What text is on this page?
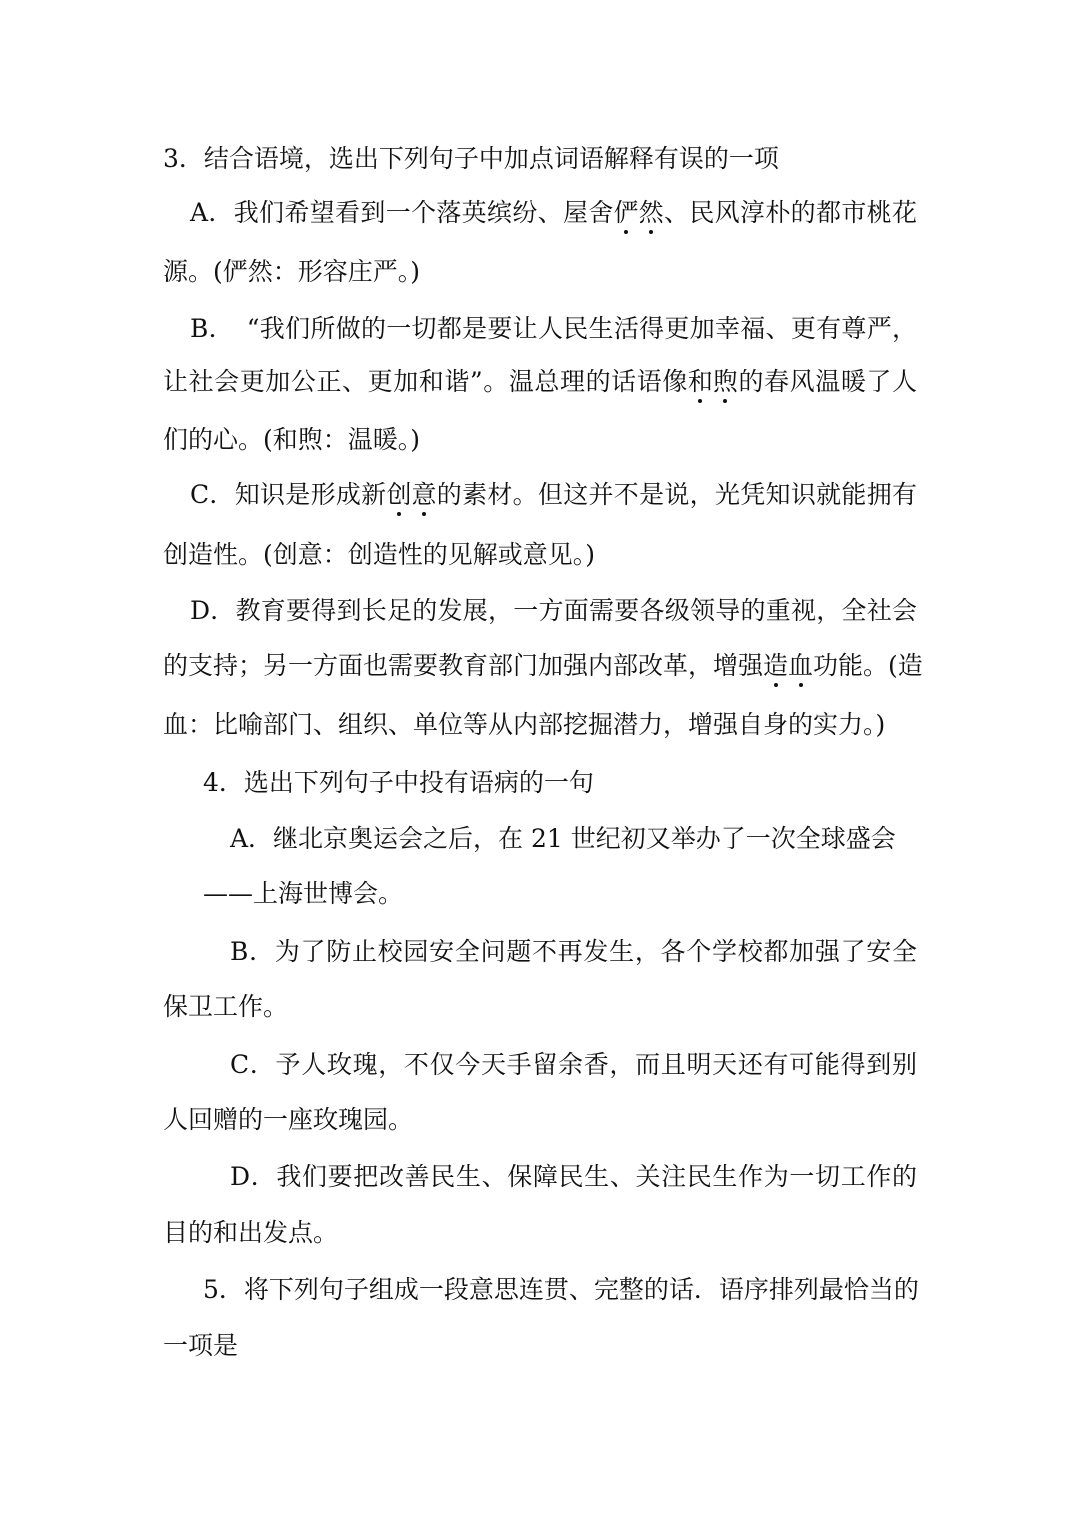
3．结合语境，选出下列句子中加点词语解释有误的一项
A．我们希望看到一个落英缤纷、屋舍俨然、民风淳朴的都市桃花
源。(俨然：形容庄严。)
B．　“我们所做的一切都是要让人民生活得更加幸福、更有尊严，
让社会更加公正、更加和谐”。温总理的话语像和煦的春风温暖了人
们的心。(和煦：温暖。)
C．知识是形成新创意的素材。但这并不是说，光凭知识就能拥有
创造性。(创意：创造性的见解或意见。)
D．教育要得到长足的发展，一方面需要各级领导的重视，全社会
的支持；另一方面也需要教育部门加强内部改革，增强造血功能。(造
血：比喻部门、组织、单位等从内部挖掘潜力，增强自身的实力。)
4．选出下列句子中投有语病的一句
A．继北京奥运会之后，在 21 世纪初又举办了一次全球盛会
——上海世博会。
B．为了防止校园安全问题不再发生，各个学校都加强了安全
保卫工作。
C．予人玫瑰，不仅今天手留余香，而且明天还有可能得到别
人回赠的一座玫瑰园。
D．我们要把改善民生、保障民生、关注民生作为一切工作的
目的和出发点。
5．将下列句子组成一段意思连贯、完整的话．语序排列最恰当的
一项是
